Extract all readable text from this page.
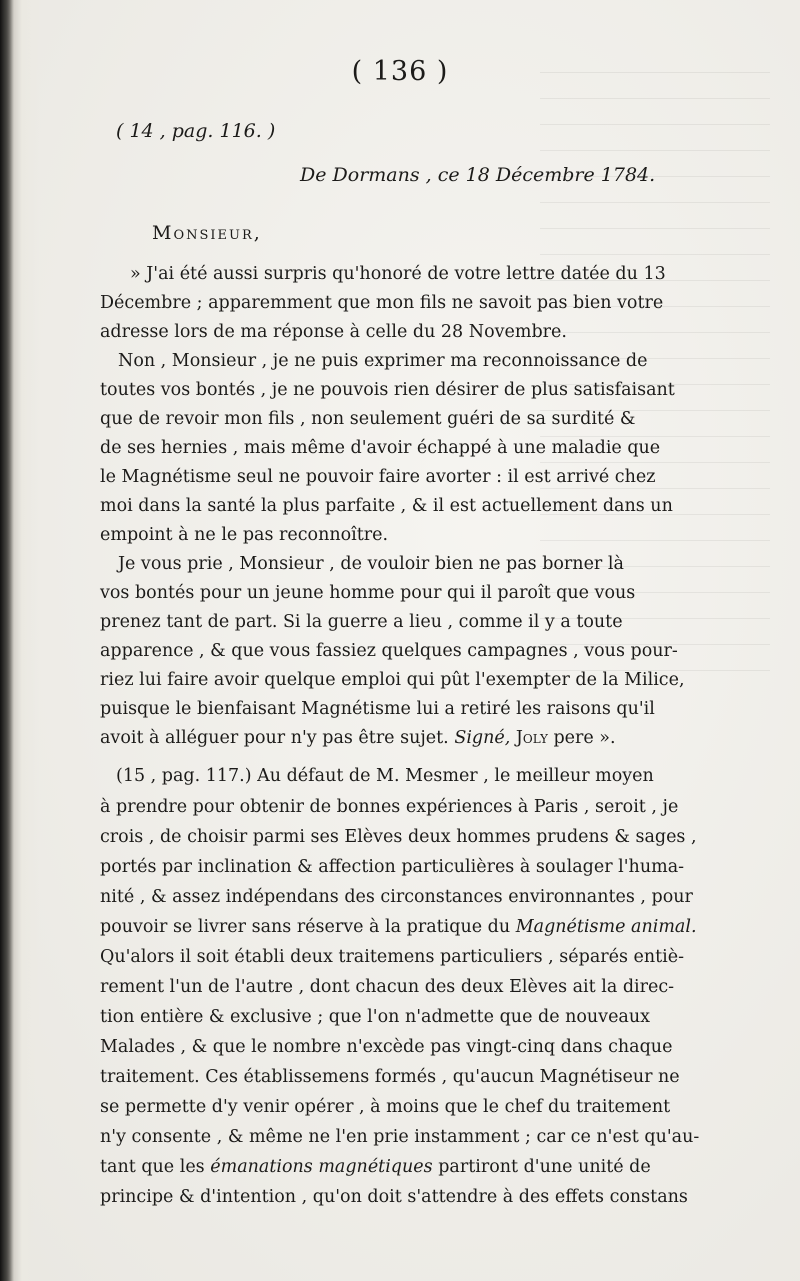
( 136 )
( 14 , pag. 116. )
De Dormans , ce 18 Décembre 1784.
Monsieur,
» J'ai été aussi surpris qu'honoré de votre lettre datée du 13
Décembre ; apparemment que mon fils ne savoit pas bien votre
adresse lors de ma réponse à celle du 28 Novembre.
Non , Monsieur , je ne puis exprimer ma reconnoissance de
toutes vos bontés , je ne pouvois rien désirer de plus satisfaisant
que de revoir mon fils , non seulement guéri de sa surdité &
de ses hernies , mais même d'avoir échappé à une maladie que
le Magnétisme seul ne pouvoir faire avorter : il est arrivé chez
moi dans la santé la plus parfaite , & il est actuellement dans un
empoint à ne le pas reconnoître.
Je vous prie , Monsieur , de vouloir bien ne pas borner là
vos bontés pour un jeune homme pour qui il paroît que vous
prenez tant de part. Si la guerre a lieu , comme il y a toute
apparence , & que vous fassiez quelques campagnes , vous pour-
riez lui faire avoir quelque emploi qui pût l'exempter de la Milice,
puisque le bienfaisant Magnétisme lui a retiré les raisons qu'il
avoit à alléguer pour n'y pas être sujet. Signé, Joly pere ».
(15 , pag. 117.) Au défaut de M. Mesmer , le meilleur moyen
à prendre pour obtenir de bonnes expériences à Paris , seroit , je
crois , de choisir parmi ses Elèves deux hommes prudens & sages ,
portés par inclination & affection particulières à soulager l'huma-
nité , & assez indépendans des circonstances environnantes , pour
pouvoir se livrer sans réserve à la pratique du Magnétisme animal.
Qu'alors il soit établi deux traitemens particuliers , séparés entiè-
rement l'un de l'autre , dont chacun des deux Elèves ait la direc-
tion entière & exclusive ; que l'on n'admette que de nouveaux
Malades , & que le nombre n'excède pas vingt-cinq dans chaque
traitement. Ces établissemens formés , qu'aucun Magnétiseur ne
se permette d'y venir opérer , à moins que le chef du traitement
n'y consente , & même ne l'en prie instamment ; car ce n'est qu'au-
tant que les émanations magnétiques partiront d'une unité de
principe & d'intention , qu'on doit s'attendre à des effets constans
